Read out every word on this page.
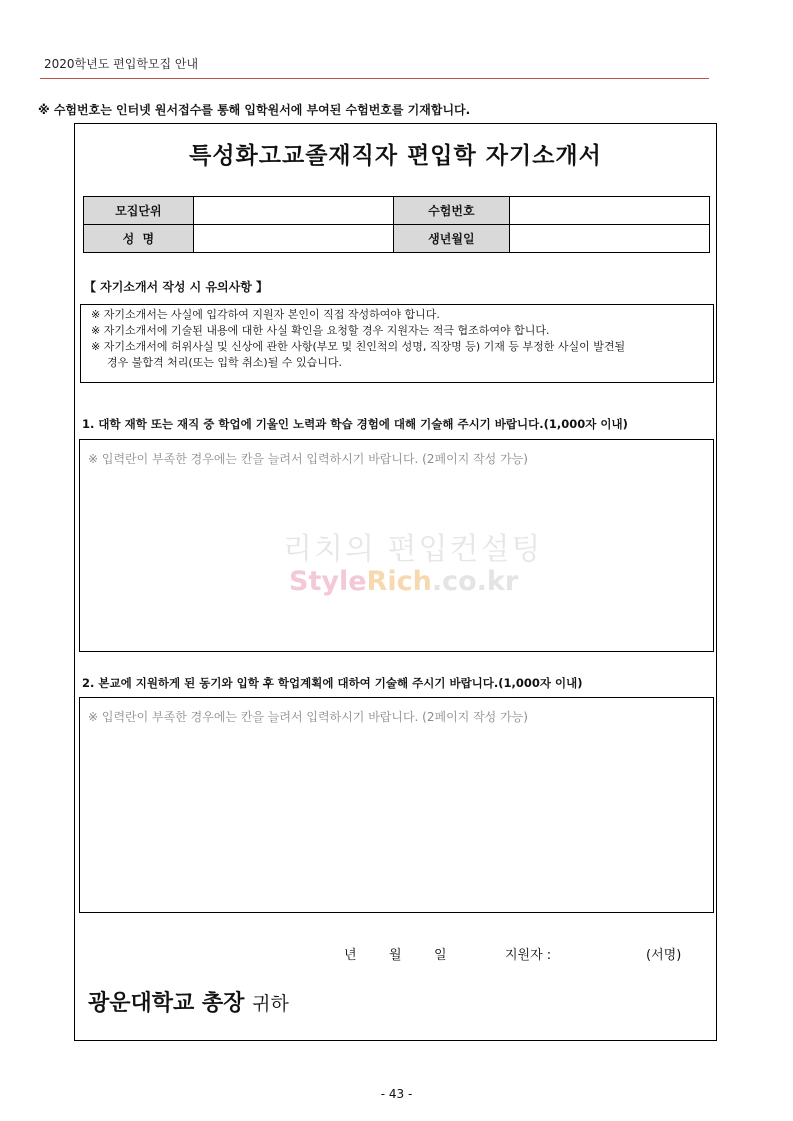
2020학년도 편입학모집 안내
※ 수험번호는 인터넷 원서접수를 통해 입학원서에 부여된 수험번호를 기재합니다.
특성화고교졸재직자 편입학 자기소개서
모집단위		수험번호	
성  명		생년월일	
【 자기소개서 작성 시 유의사항 】
※ 자기소개서는 사실에 입각하여 지원자 본인이 직접 작성하여야 합니다.
※ 자기소개서에 기술된 내용에 대한 사실 확인을 요청할 경우 지원자는 적극 협조하여야 합니다.
※ 자기소개서에 허위사실 및 신상에 관한 사항(부모 및 친인척의 성명, 직장명 등) 기재 등 부정한 사실이 발견될
경우 불합격 처리(또는 입학 취소)될 수 있습니다.
1. 대학 재학 또는 재직 중 학업에 기울인 노력과 학습 경험에 대해 기술해 주시기 바랍니다.(1,000자 이내)
※ 입력란이 부족한 경우에는 칸을 늘려서 입력하시기 바랍니다. (2페이지 작성 가능)
리치의 편입컨설팅
StyleRich.co.kr
2. 본교에 지원하게 된 동기와 입학 후 학업계획에 대하여 기술해 주시기 바랍니다.(1,000자 이내)
※ 입력란이 부족한 경우에는 칸을 늘려서 입력하시기 바랍니다. (2페이지 작성 가능)
년 월 일	지원자 :	(서명)
광운대학교 총장 귀하
- 43 -
